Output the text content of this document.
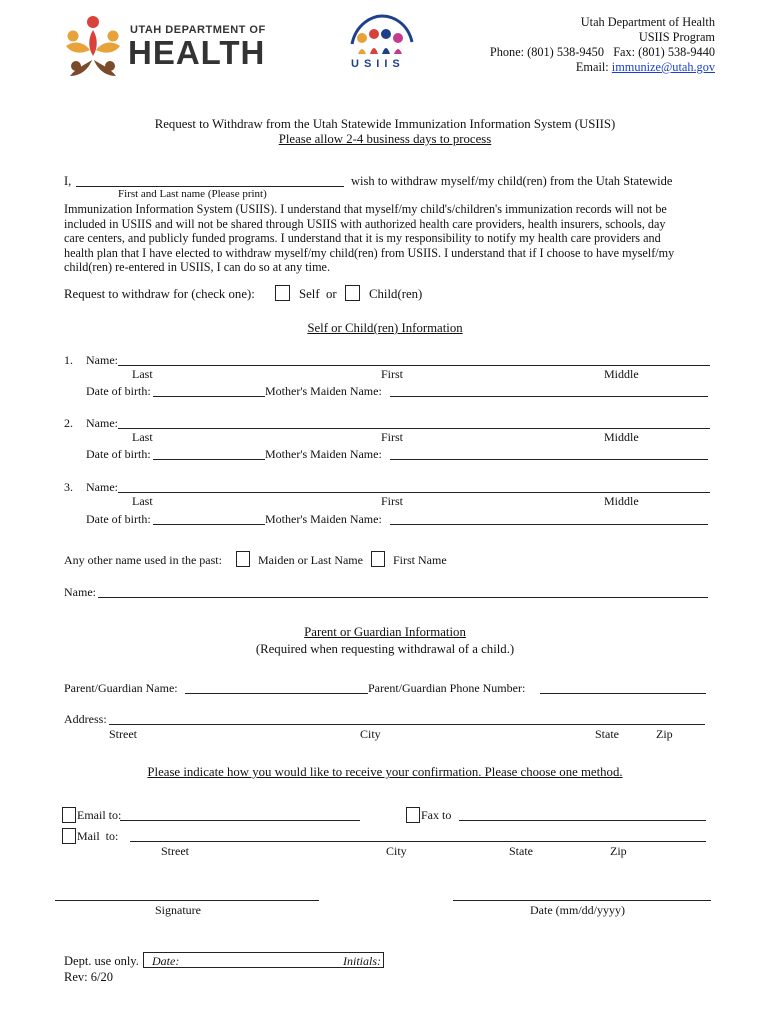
UTAH DEPARTMENT OF
HEALTH	USIIS
Utah Department of Health
USIIS Program
Phone: (801) 538-9450   Fax: (801) 538-9440
Email: immunize@utah.gov
Request to Withdraw from the Utah Statewide Immunization Information System (USIIS)
Please allow 2-4 business days to process
I,	wish to withdraw myself/my child(ren) from the Utah Statewide
First and Last name (Please print)
Immunization Information System (USIIS). I understand that myself/my child's/children's immunization records will not be
included in USIIS and will not be shared through USIIS with authorized health care providers, health insurers, schools, day
care centers, and publicly funded programs. I understand that it is my responsibility to notify my health care providers and
health plan that I have elected to withdraw myself/my child(ren) from USIIS. I understand that if I choose to have myself/my
child(ren) re-entered in USIIS, I can do so at any time.
Request to withdraw for (check one):	Self or	Child(ren)
Self or Child(ren) Information
1. Name:
Last	First	Middle
Date of birth:	Mother's Maiden Name:
2. Name:
Last	First	Middle
Date of birth:	Mother's Maiden Name:
3. Name:
Last	First	Middle
Date of birth:	Mother's Maiden Name:
Any other name used in the past:	Maiden or Last Name	First Name
Name:
Parent or Guardian Information
(Required when requesting withdrawal of a child.)
Parent/Guardian Name:	Parent/Guardian Phone Number:
Address:
Street	City	State	Zip
Please indicate how you would like to receive your confirmation. Please choose one method.
Email to:	Fax to
Mail  to:
Street	City	State	Zip
Signature	Date (mm/dd/yyyy)
Dept. use only. Date:	Initials:
Rev: 6/20
